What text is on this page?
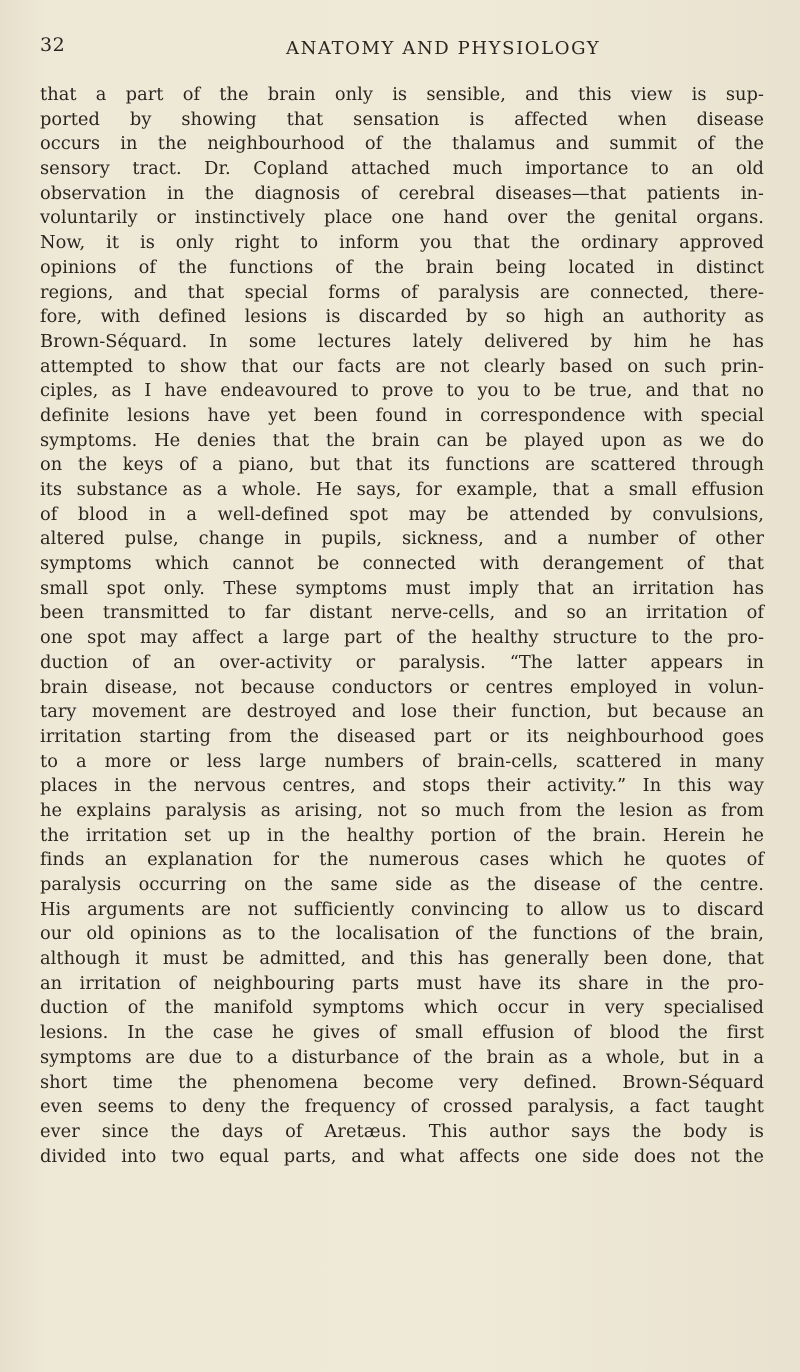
32	ANATOMY AND PHYSIOLOGY
that a part of the brain only is sensible, and this view is sup-
ported by showing that sensation is affected when disease
occurs in the neighbourhood of the thalamus and summit of the
sensory tract. Dr. Copland attached much importance to an old
observation in the diagnosis of cerebral diseases—that patients in-
voluntarily or instinctively place one hand over the genital organs.
Now, it is only right to inform you that the ordinary approved
opinions of the functions of the brain being located in distinct
regions, and that special forms of paralysis are connected, there-
fore, with defined lesions is discarded by so high an authority as
Brown-Séquard. In some lectures lately delivered by him he has
attempted to show that our facts are not clearly based on such prin-
ciples, as I have endeavoured to prove to you to be true, and that no
definite lesions have yet been found in correspondence with special
symptoms. He denies that the brain can be played upon as we do
on the keys of a piano, but that its functions are scattered through
its substance as a whole. He says, for example, that a small effusion
of blood in a well-defined spot may be attended by convulsions,
altered pulse, change in pupils, sickness, and a number of other
symptoms which cannot be connected with derangement of that
small spot only. These symptoms must imply that an irritation has
been transmitted to far distant nerve-cells, and so an irritation of
one spot may affect a large part of the healthy structure to the pro-
duction of an over-activity or paralysis. “The latter appears in
brain disease, not because conductors or centres employed in volun-
tary movement are destroyed and lose their function, but because an
irritation starting from the diseased part or its neighbourhood goes
to a more or less large numbers of brain-cells, scattered in many
places in the nervous centres, and stops their activity.” In this way
he explains paralysis as arising, not so much from the lesion as from
the irritation set up in the healthy portion of the brain. Herein he
finds an explanation for the numerous cases which he quotes of
paralysis occurring on the same side as the disease of the centre.
His arguments are not sufficiently convincing to allow us to discard
our old opinions as to the localisation of the functions of the brain,
although it must be admitted, and this has generally been done, that
an irritation of neighbouring parts must have its share in the pro-
duction of the manifold symptoms which occur in very specialised
lesions. In the case he gives of small effusion of blood the first
symptoms are due to a disturbance of the brain as a whole, but in a
short time the phenomena become very defined. Brown-Séquard
even seems to deny the frequency of crossed paralysis, a fact taught
ever since the days of Aretæus. This author says the body is
divided into two equal parts, and what affects one side does not the
